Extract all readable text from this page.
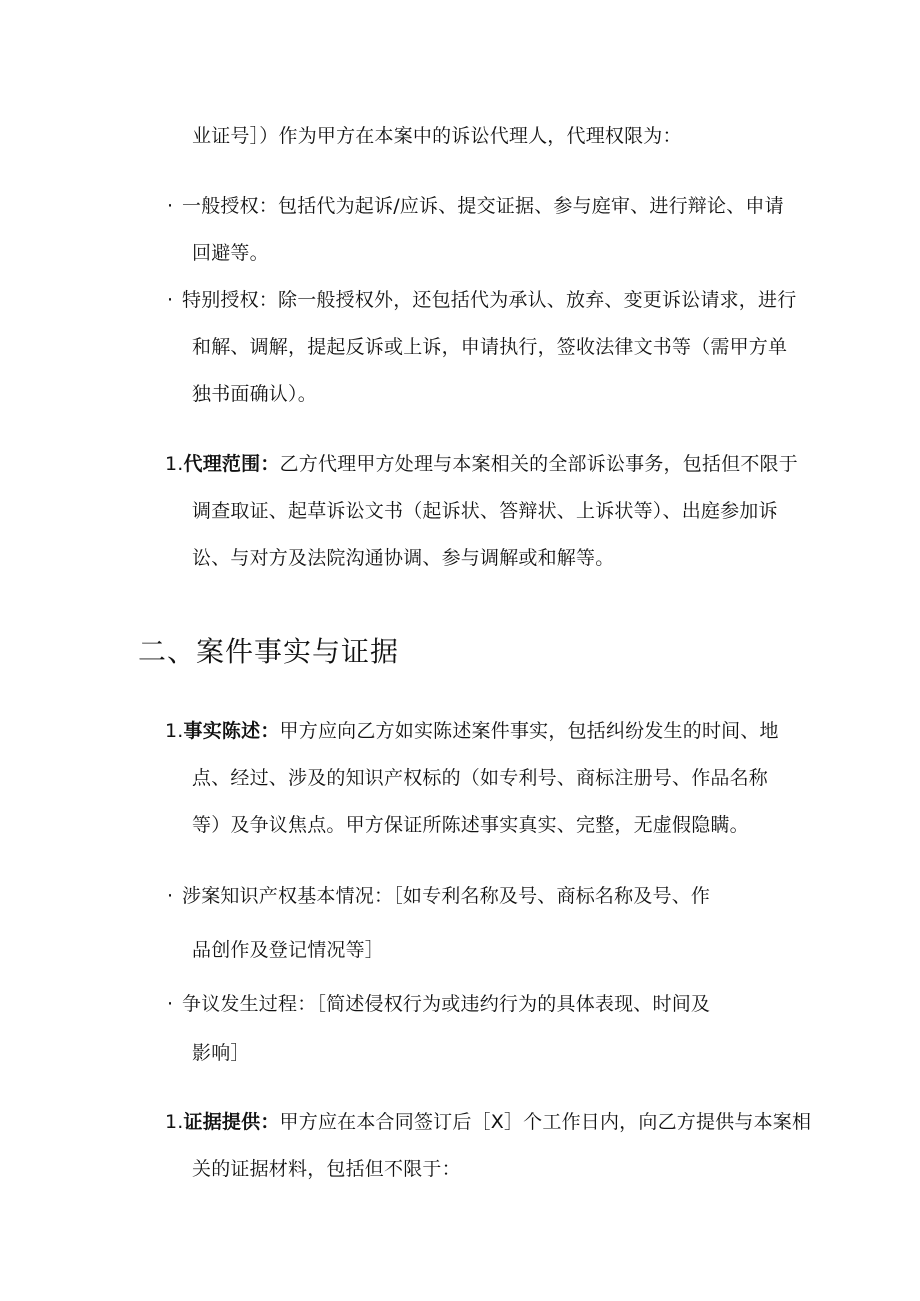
业证号］）作为甲方在本案中的诉讼代理人，代理权限为：
· 一般授权：包括代为起诉/应诉、提交证据、参与庭审、进行辩论、申请
回避等。
· 特别授权：除一般授权外，还包括代为承认、放弃、变更诉讼请求，进行
和解、调解，提起反诉或上诉，申请执行，签收法律文书等（需甲方单
独书面确认）。
1.代理范围：乙方代理甲方处理与本案相关的全部诉讼事务，包括但不限于
调查取证、起草诉讼文书（起诉状、答辩状、上诉状等）、出庭参加诉
讼、与对方及法院沟通协调、参与调解或和解等。
二、案件事实与证据
1.事实陈述：甲方应向乙方如实陈述案件事实，包括纠纷发生的时间、地
点、经过、涉及的知识产权标的（如专利号、商标注册号、作品名称
等）及争议焦点。甲方保证所陈述事实真实、完整，无虚假隐瞒。
· 涉案知识产权基本情况：［如专利名称及号、商标名称及号、作
品创作及登记情况等］
· 争议发生过程：［简述侵权行为或违约行为的具体表现、时间及
影响］
1.证据提供：甲方应在本合同签订后［X］个工作日内，向乙方提供与本案相
关的证据材料，包括但不限于：
